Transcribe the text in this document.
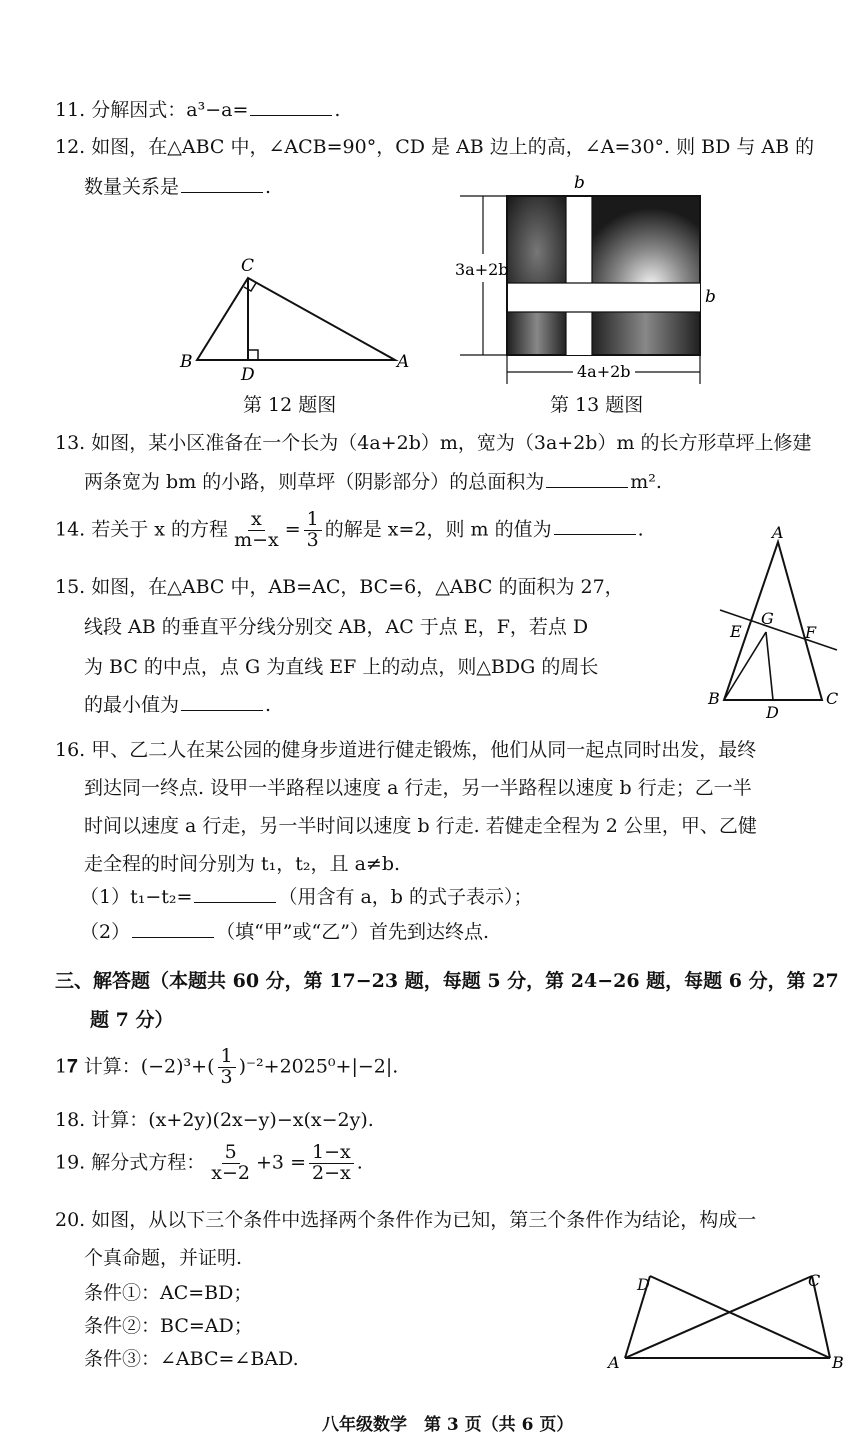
11. 分解因式：a³−a=	.
12. 如图，在△ABC 中，∠ACB=90°，CD 是 AB 边上的高，∠A=30°. 则 BD 与 AB 的
数量关系是	.
C
B
D
A
第 12 题图
b
3a+2b
b
4a+2b
第 13 题图
13. 如图，某小区准备在一个长为（4a+2b）m，宽为（3a+2b）m 的长方形草坪上修建
两条宽为 bm 的小路，则草坪（阴影部分）的总面积为	m².
14. 若关于 x 的方程 $\frac{x}{m-x} = \frac{1}{3}$ 的解是 x=2，则 m 的值为	.
15. 如图，在△ABC 中，AB=AC，BC=6，△ABC 的面积为 27，
线段 AB 的垂直平分线分别交 AB，AC 于点 E，F，若点 D
为 BC 的中点，点 G 为直线 EF 上的动点，则△BDG 的周长
的最小值为	.
A
E
G
F
B
D
C
16. 甲、乙二人在某公园的健身步道进行健走锻炼，他们从同一起点同时出发，最终
到达同一终点. 设甲一半路程以速度 a 行走，另一半路程以速度 b 行走；乙一半
时间以速度 a 行走，另一半时间以速度 b 行走. 若健走全程为 2 公里，甲、乙健
走全程的时间分别为 t₁，t₂，且 a≠b.
（1）t₁−t₂=	（用含有 a，b 的式子表示）；
（2）	（填“甲”或“乙”）首先到达终点.
三、解答题（本题共 60 分，第 17−23 题，每题 5 分，第 24−26 题，每题 6 分，第 27
题 7 分）
1𝟕 计算：$(-2)^3+( \frac{1}{3} )^{-2}+2025^0+|-2|$.
18. 计算：(x+2y)(2x−y)−x(x−2y).
19. 解分式方程： $\frac{5}{x-2} +3 = \frac{1-x}{2-x}$ .
20. 如图，从以下三个条件中选择两个条件作为已知，第三个条件作为结论，构成一
个真命题，并证明.
条件①：AC=BD；
条件②：BC=AD；
条件③：∠ABC=∠BAD.
C
A	B
D
八年级数学　第 3 页（共 6 页）
